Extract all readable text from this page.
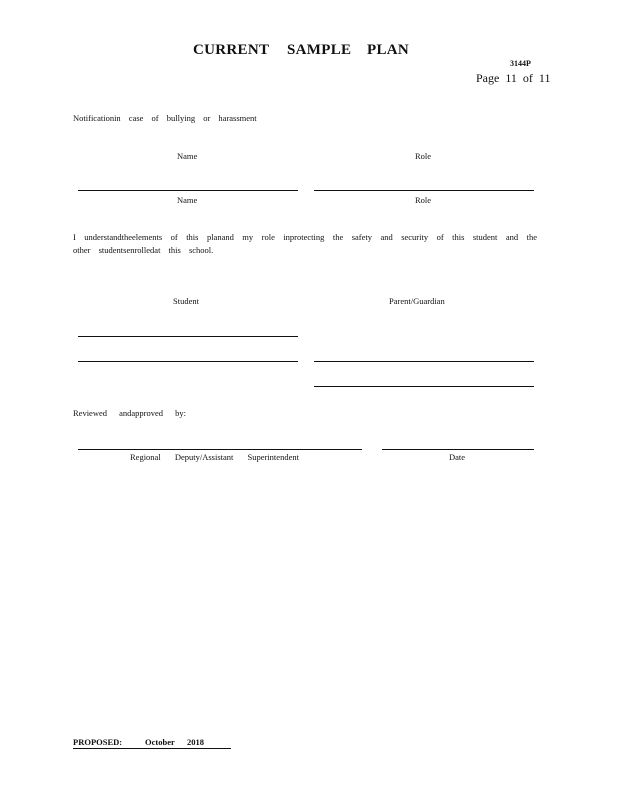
CURRENT SAMPLE PLAN
3144P
Page 11 of 11
Notificationin case of bullying or harassment
Name	Role
Name	Role
I understandtheelements of this planand my role inprotecting the safety and security of this student and the other studentsenrolledat this school.
Student	Parent/Guardian
Reviewed andapproved by:
Regional Deputy/Assistant Superintendent	Date
PROPOSED:	October 2018
